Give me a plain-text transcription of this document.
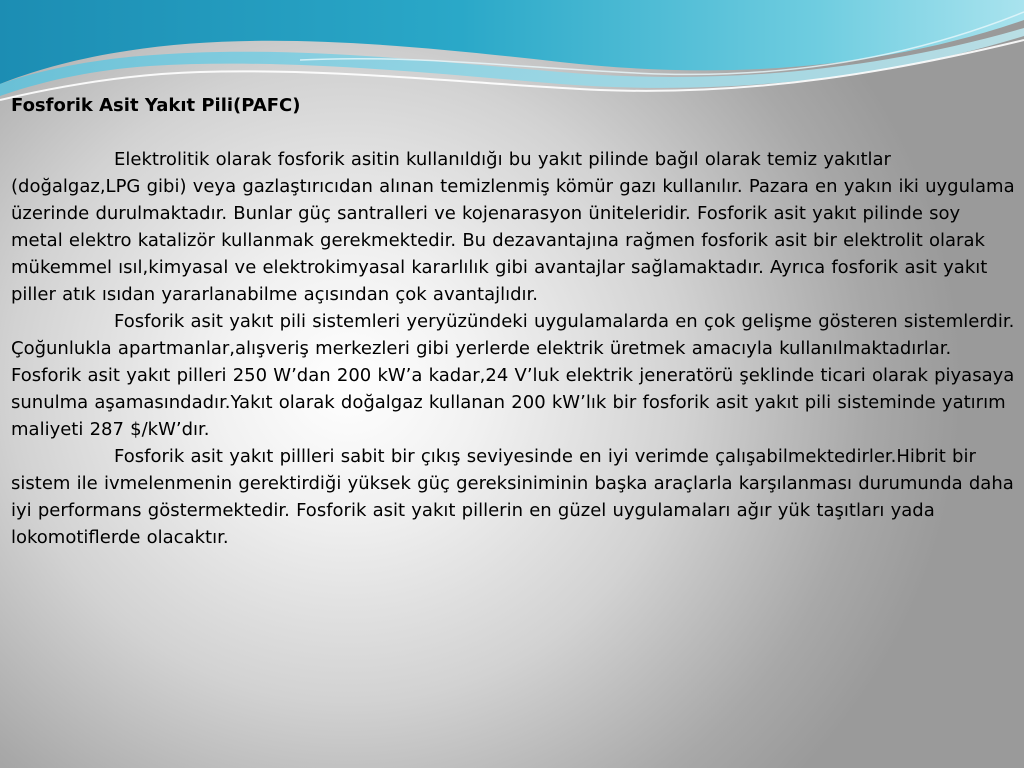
Fosforik Asit Yakıt Pili(PAFC)

Elektrolitik olarak fosforik asitin kullanıldığı bu yakıt pilinde bağıl olarak temiz yakıtlar (doğalgaz,LPG gibi) veya gazlaştırıcıdan alınan temizlenmiş kömür gazı kullanılır. Pazara en yakın iki uygulama üzerinde durulmaktadır. Bunlar güç santralleri ve kojenarasyon üniteleridir. Fosforik asit yakıt pilinde soy metal elektro katalizör kullanmak gerekmektedir. Bu dezavantajına rağmen fosforik asit bir elektrolit olarak mükemmel ısıl,kimyasal ve elektrokimyasal kararlılık gibi avantajlar sağlamaktadır. Ayrıca fosforik asit yakıt piller atık ısıdan yararlanabilme açısından çok avantajlıdır.

Fosforik asit yakıt pili sistemleri yeryüzündeki uygulamalarda en çok gelişme gösteren sistemlerdir. Çoğunlukla apartmanlar,alışveriş merkezleri gibi yerlerde elektrik üretmek amacıyla kullanılmaktadırlar. Fosforik asit yakıt pilleri 250 W’dan 200 kW’a kadar,24 V’luk elektrik jeneratörü şeklinde ticari olarak piyasaya sunulma aşamasındadır.Yakıt olarak doğalgaz kullanan 200 kW’lık bir fosforik asit yakıt pili sisteminde yatırım maliyeti 287 $/kW’dır.

Fosforik asit yakıt pillleri sabit bir çıkış seviyesinde en iyi verimde çalışabilmektedirler.Hibrit bir sistem ile ivmelenmenin gerektirdiği yüksek güç gereksiniminin başka araçlarla karşılanması durumunda daha iyi performans göstermektedir. Fosforik asit yakıt pillerin en güzel uygulamaları ağır yük taşıtları yada lokomotiflerde olacaktır.
